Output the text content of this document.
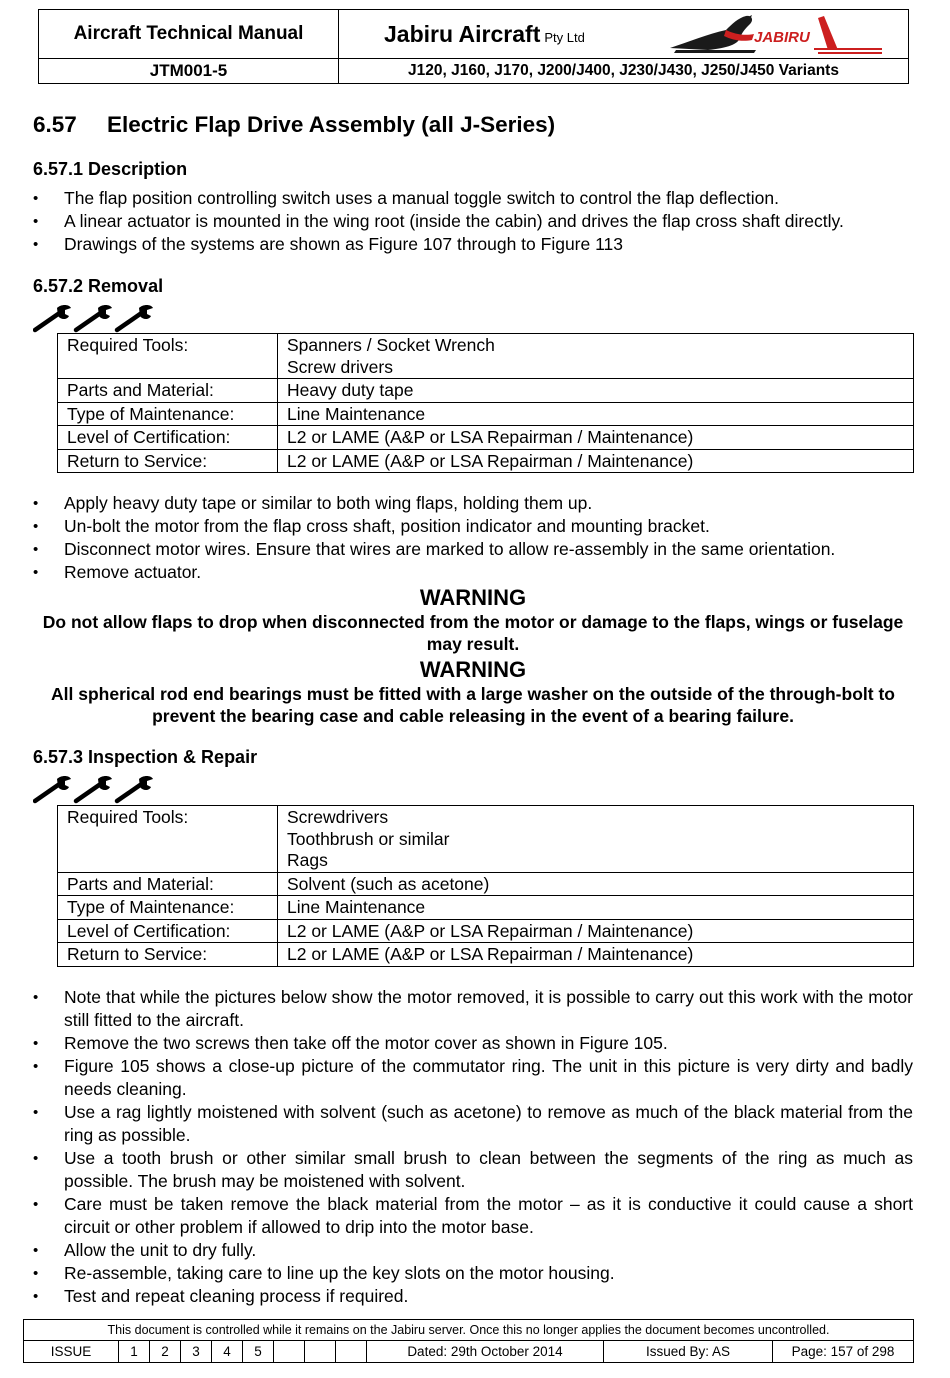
Aircraft Technical Manual	Jabiru Aircraft Pty Ltd JABIRU

JTM001-5	J120, J160, J170, J200/J400, J230/J430, J250/J450 Variants
6.57 Electric Flap Drive Assembly (all J-Series)
6.57.1 Description
• The flap position controlling switch uses a manual toggle switch to control the flap deflection.
• A linear actuator is mounted in the wing root (inside the cabin) and drives the flap cross shaft directly.
• Drawings of the systems are shown as Figure 107 through to Figure 113
6.57.2 Removal
Required Tools:	Spanners / Socket Wrench
Screw drivers

Parts and Material:	Heavy duty tape

Type of Maintenance:	Line Maintenance

Level of Certification:	L2 or LAME (A&P or LSA Repairman / Maintenance)

Return to Service:	L2 or LAME (A&P or LSA Repairman / Maintenance)
• Apply heavy duty tape or similar to both wing flaps, holding them up.
• Un-bolt the motor from the flap cross shaft, position indicator and mounting bracket.
• Disconnect motor wires. Ensure that wires are marked to allow re-assembly in the same orientation.
• Remove actuator.

WARNING

Do not allow flaps to drop when disconnected from the motor or damage to the flaps, wings or fuselage may result.

WARNING

All spherical rod end bearings must be fitted with a large washer on the outside of the through-bolt to prevent the bearing case and cable releasing in the event of a bearing failure.

6.57.3 Inspection & Repair
Required Tools:	Screwdrivers
Toothbrush or similar
Rags

Parts and Material:	Solvent (such as acetone)

Type of Maintenance:	Line Maintenance

Level of Certification:	L2 or LAME (A&P or LSA Repairman / Maintenance)

Return to Service:	L2 or LAME (A&P or LSA Repairman / Maintenance)
• Note that while the pictures below show the motor removed, it is possible to carry out this work with the motor still fitted to the aircraft.
• Remove the two screws then take off the motor cover as shown in Figure 105.
• Figure 105 shows a close-up picture of the commutator ring. The unit in this picture is very dirty and badly needs cleaning.
• Use a rag lightly moistened with solvent (such as acetone) to remove as much of the black material from the ring as possible.
• Use a tooth brush or other similar small brush to clean between the segments of the ring as much as possible. The brush may be moistened with solvent.
• Care must be taken remove the black material from the motor – as it is conductive it could cause a short circuit or other problem if allowed to drip into the motor base.
• Allow the unit to dry fully.
• Re-assemble, taking care to line up the key slots on the motor housing.
• Test and repeat cleaning process if required.
This document is controlled while it remains on the Jabiru server. Once this no longer applies the document becomes uncontrolled.
ISSUE	1	2	3	4	5				Dated: 29th October 2014	Issued By: AS	Page: 157 of 298
